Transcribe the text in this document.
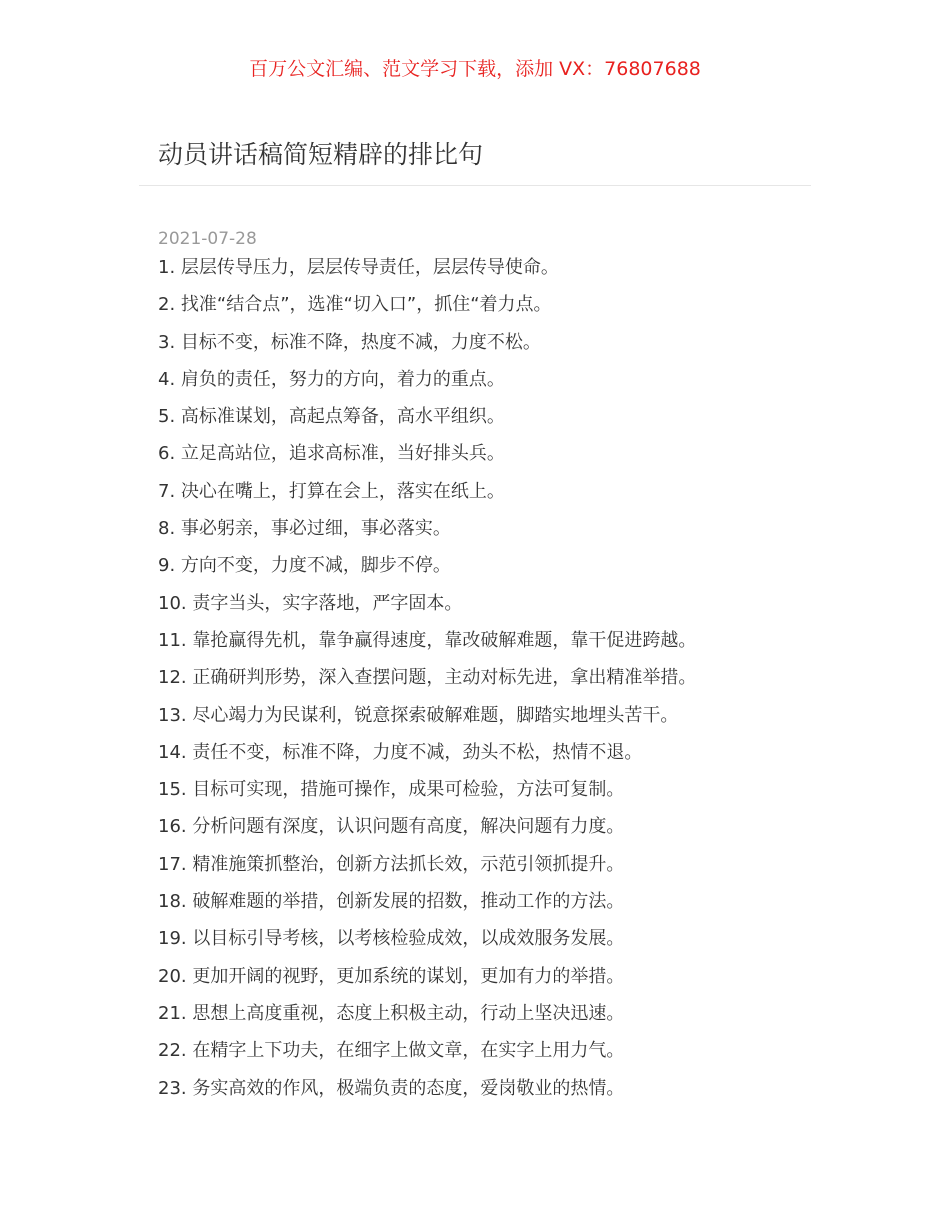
百万公文汇编、范文学习下载，添加 VX：76807688
动员讲话稿简短精辟的排比句
2021-07-28
1. 层层传导压力，层层传导责任，层层传导使命。
2. 找准“结合点”，选准“切入口”，抓住“着力点。
3. 目标不变，标准不降，热度不减，力度不松。
4. 肩负的责任，努力的方向，着力的重点。
5. 高标准谋划，高起点筹备，高水平组织。
6. 立足高站位，追求高标准，当好排头兵。
7. 决心在嘴上，打算在会上，落实在纸上。
8. 事必躬亲，事必过细，事必落实。
9. 方向不变，力度不减，脚步不停。
10. 责字当头，实字落地，严字固本。
11. 靠抢赢得先机，靠争赢得速度，靠改破解难题，靠干促进跨越。
12. 正确研判形势，深入查摆问题，主动对标先进，拿出精准举措。
13. 尽心竭力为民谋利，锐意探索破解难题，脚踏实地埋头苦干。
14. 责任不变，标准不降，力度不减，劲头不松，热情不退。
15. 目标可实现，措施可操作，成果可检验，方法可复制。
16. 分析问题有深度，认识问题有高度，解决问题有力度。
17. 精准施策抓整治，创新方法抓长效，示范引领抓提升。
18. 破解难题的举措，创新发展的招数，推动工作的方法。
19. 以目标引导考核，以考核检验成效，以成效服务发展。
20. 更加开阔的视野，更加系统的谋划，更加有力的举措。
21. 思想上高度重视，态度上积极主动，行动上坚决迅速。
22. 在精字上下功夫，在细字上做文章，在实字上用力气。
23. 务实高效的作风，极端负责的态度，爱岗敬业的热情。
